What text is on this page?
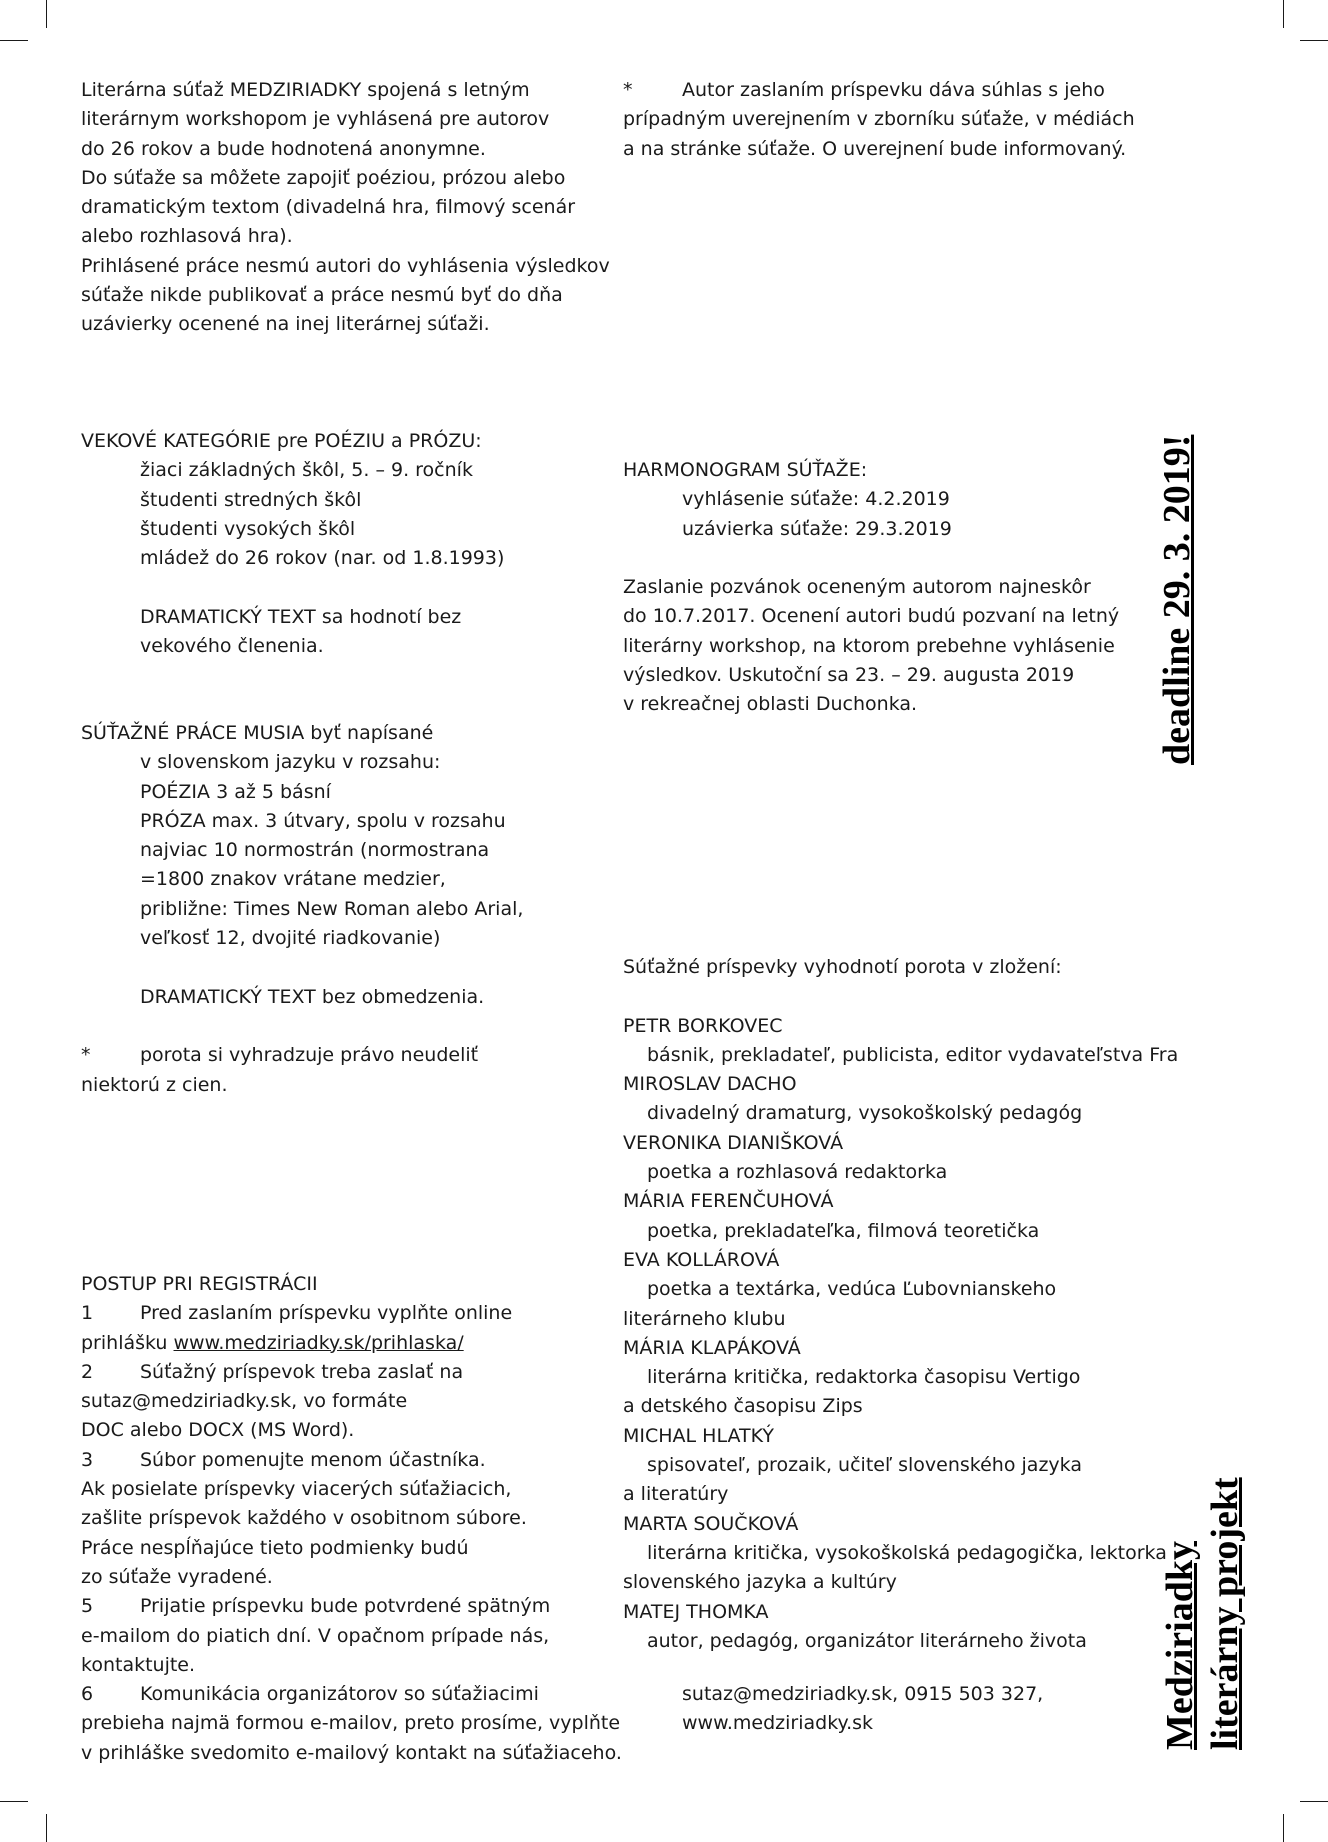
Literárna súťaž MEDZIRIADKY spojená s letným
literárnym workshopom je vyhlásená pre autorov
do 26 rokov a bude hodnotená anonymne.
Do súťaže sa môžete zapojiť poéziou, prózou alebo
dramatickým textom (divadelná hra, filmový scenár
alebo rozhlasová hra).
Prihlásené práce nesmú autori do vyhlásenia výsledkov
súťaže nikde publikovať a práce nesmú byť do dňa
uzávierky ocenené na inej literárnej súťaži.
*	Autor zaslaním príspevku dáva súhlas s jeho
prípadným uverejnením v zborníku súťaže, v médiách
a na stránke súťaže. O uverejnení bude informovaný.
VEKOVÉ KATEGÓRIE pre POÉZIU a PRÓZU:
žiaci základných škôl, 5. – 9. ročník
študenti stredných škôl
študenti vysokých škôl
mládež do 26 rokov (nar. od 1.8.1993)
DRAMATICKÝ TEXT sa hodnotí bez
vekového členenia.
HARMONOGRAM SÚŤAŽE:
vyhlásenie súťaže: 4.2.2019
uzávierka súťaže: 29.3.2019
Zaslanie pozvánok oceneným autorom najneskôr
do 10.7.2017. Ocenení autori budú pozvaní na letný
literárny workshop, na ktorom prebehne vyhlásenie
výsledkov. Uskutoční sa 23. – 29. augusta 2019
v rekreačnej oblasti Duchonka.
SÚŤAŽNÉ PRÁCE MUSIA byť napísané
v slovenskom jazyku v rozsahu:
POÉZIA 3 až 5 básní
PRÓZA max. 3 útvary, spolu v rozsahu
najviac 10 normostrán (normostrana
=1800 znakov vrátane medzier,
približne: Times New Roman alebo Arial,
veľkosť 12, dvojité riadkovanie)
DRAMATICKÝ TEXT bez obmedzenia.
*	porota si vyhradzuje právo neudeliť
niektorú z cien.
Súťažné príspevky vyhodnotí porota v zložení:
PETR BORKOVEC
básnik, prekladateľ, publicista, editor vydavateľstva Fra
MIROSLAV DACHO
divadelný dramaturg, vysokoškolský pedagóg
VERONIKA DIANIŠKOVÁ
poetka a rozhlasová redaktorka
MÁRIA FERENČUHOVÁ
poetka, prekladateľka, filmová teoretička
EVA KOLLÁROVÁ
poetka a textárka, vedúca Ľubovnianskeho
literárneho klubu
MÁRIA KLAPÁKOVÁ
literárna kritička, redaktorka časopisu Vertigo
a detského časopisu Zips
MICHAL HLATKÝ
spisovateľ, prozaik, učiteľ slovenského jazyka
a literatúry
MARTA SOUČKOVÁ
literárna kritička, vysokoškolská pedagogička, lektorka
slovenského jazyka a kultúry
MATEJ THOMKA
autor, pedagóg, organizátor literárneho života
POSTUP PRI REGISTRÁCII
1 Pred zaslaním príspevku vyplňte online
prihlášku www.medziriadky.sk/prihlaska/
2 Súťažný príspevok treba zaslať na
sutaz@medziriadky.sk, vo formáte
DOC alebo DOCX (MS Word).
3 Súbor pomenujte menom účastníka.
Ak posielate príspevky viacerých súťažiacich,
zašlite príspevok každého v osobitnom súbore.
Práce nespĺňajúce tieto podmienky budú
zo súťaže vyradené.
5 Prijatie príspevku bude potvrdené spätným
e-mailom do piatich dní. V opačnom prípade nás,
kontaktujte.
6 Komunikácia organizátorov so súťažiacimi
prebieha najmä formou e-mailov, preto prosíme, vyplňte
v prihláške svedomito e-mailový kontakt na súťažiaceho.
sutaz@medziriadky.sk, 0915 503 327,
www.medziriadky.sk
deadline 29. 3. 2019!
Medziriadky literárny projekt
